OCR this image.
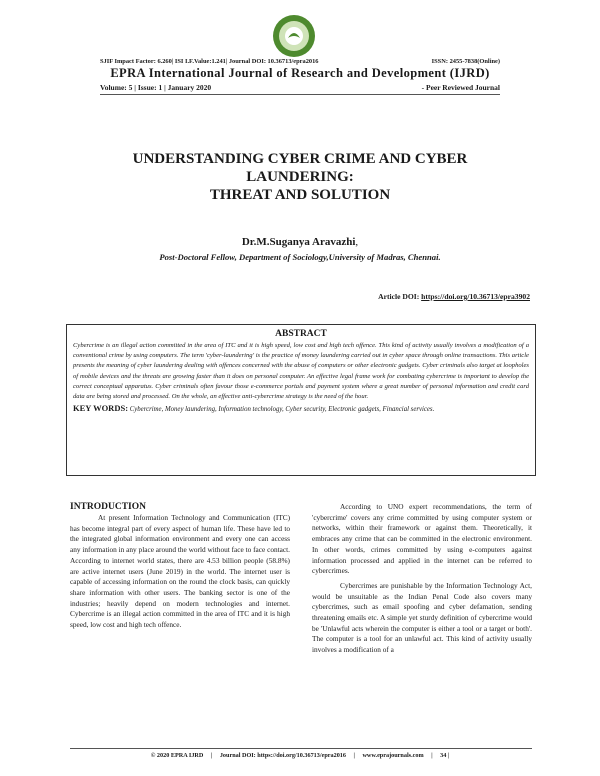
SJIF Impact Factor: 6.260| ISI I.F.Value:1.241| Journal DOI: 10.36713/epra2016	ISSN: 2455-7838(Online)
EPRA International Journal of Research and Development (IJRD)
Volume: 5 | Issue: 1 | January 2020	- Peer Reviewed Journal
UNDERSTANDING CYBER CRIME AND CYBER
LAUNDERING:
THREAT AND SOLUTION
Dr.M.Suganya Aravazhi,
Post-Doctoral Fellow, Department of Sociology,University of Madras, Chennai.
Article DOI: https://doi.org/10.36713/epra3902
ABSTRACT
Cybercrime is an illegal action committed in the area of ITC and it is high speed, low cost and high tech offence. This kind of activity usually involves a modification of a conventional crime by using computers. The term 'cyber-laundering' is the practice of money laundering carried out in cyber space through online transactions. This article presents the meaning of cyber laundering dealing with offences concerned with the abuse of computers or other electronic gadgets. Cyber criminals also target at loopholes of mobile devices and the threats are growing faster than it does on personal computer. An effective legal frame work for combating cybercrime is important to develop the correct conceptual apparatus. Cyber criminals often favour those e-commerce portals and payment system where a great number of personal information and credit card data are being stored and processed. On the whole, an effective anti-cybercrime strategy is the need of the hour.
KEY WORDS: Cybercrime, Money laundering, Information technology, Cyber security, Electronic gadgets, Financial services.
INTRODUCTION

At present Information Technology and Communication (ITC) has become integral part of every aspect of human life. These have led to the integrated global information environment and every one can access any information in any place around the world without face to face contact. According to internet world states, there are 4.53 billion people (58.8%) are active internet users (June 2019) in the world. The internet user is capable of accessing information on the round the clock basis, can quickly share information with other users. The banking sector is one of the industries; heavily depend on modern technologies and internet. Cybercrime is an illegal action committed in the area of ITC and it is high speed, low cost and high tech offence.

According to UNO expert recommendations, the term of 'cybercrime' covers any crime committed by using computer system or networks, within their framework or against them. Theoretically, it embraces any crime that can be committed in the electronic environment. In other words, crimes committed by using e-computers against information processed and applied in the internet can be referred to cybercrimes.

Cybercrimes are punishable by the Information Technology Act, would be unsuitable as the Indian Penal Code also covers many cybercrimes, such as email spoofing and cyber defamation, sending threatening emails etc. A simple yet sturdy definition of cybercrime would be 'Unlawful acts wherein the computer is either a tool or a target or both'. The computer is a tool for an unlawful act. This kind of activity usually involves a modification of a

© 2020 EPRA IJRD | Journal DOI: https://doi.org/10.36713/epra2016 | www.eprajournals.com | 34 |
